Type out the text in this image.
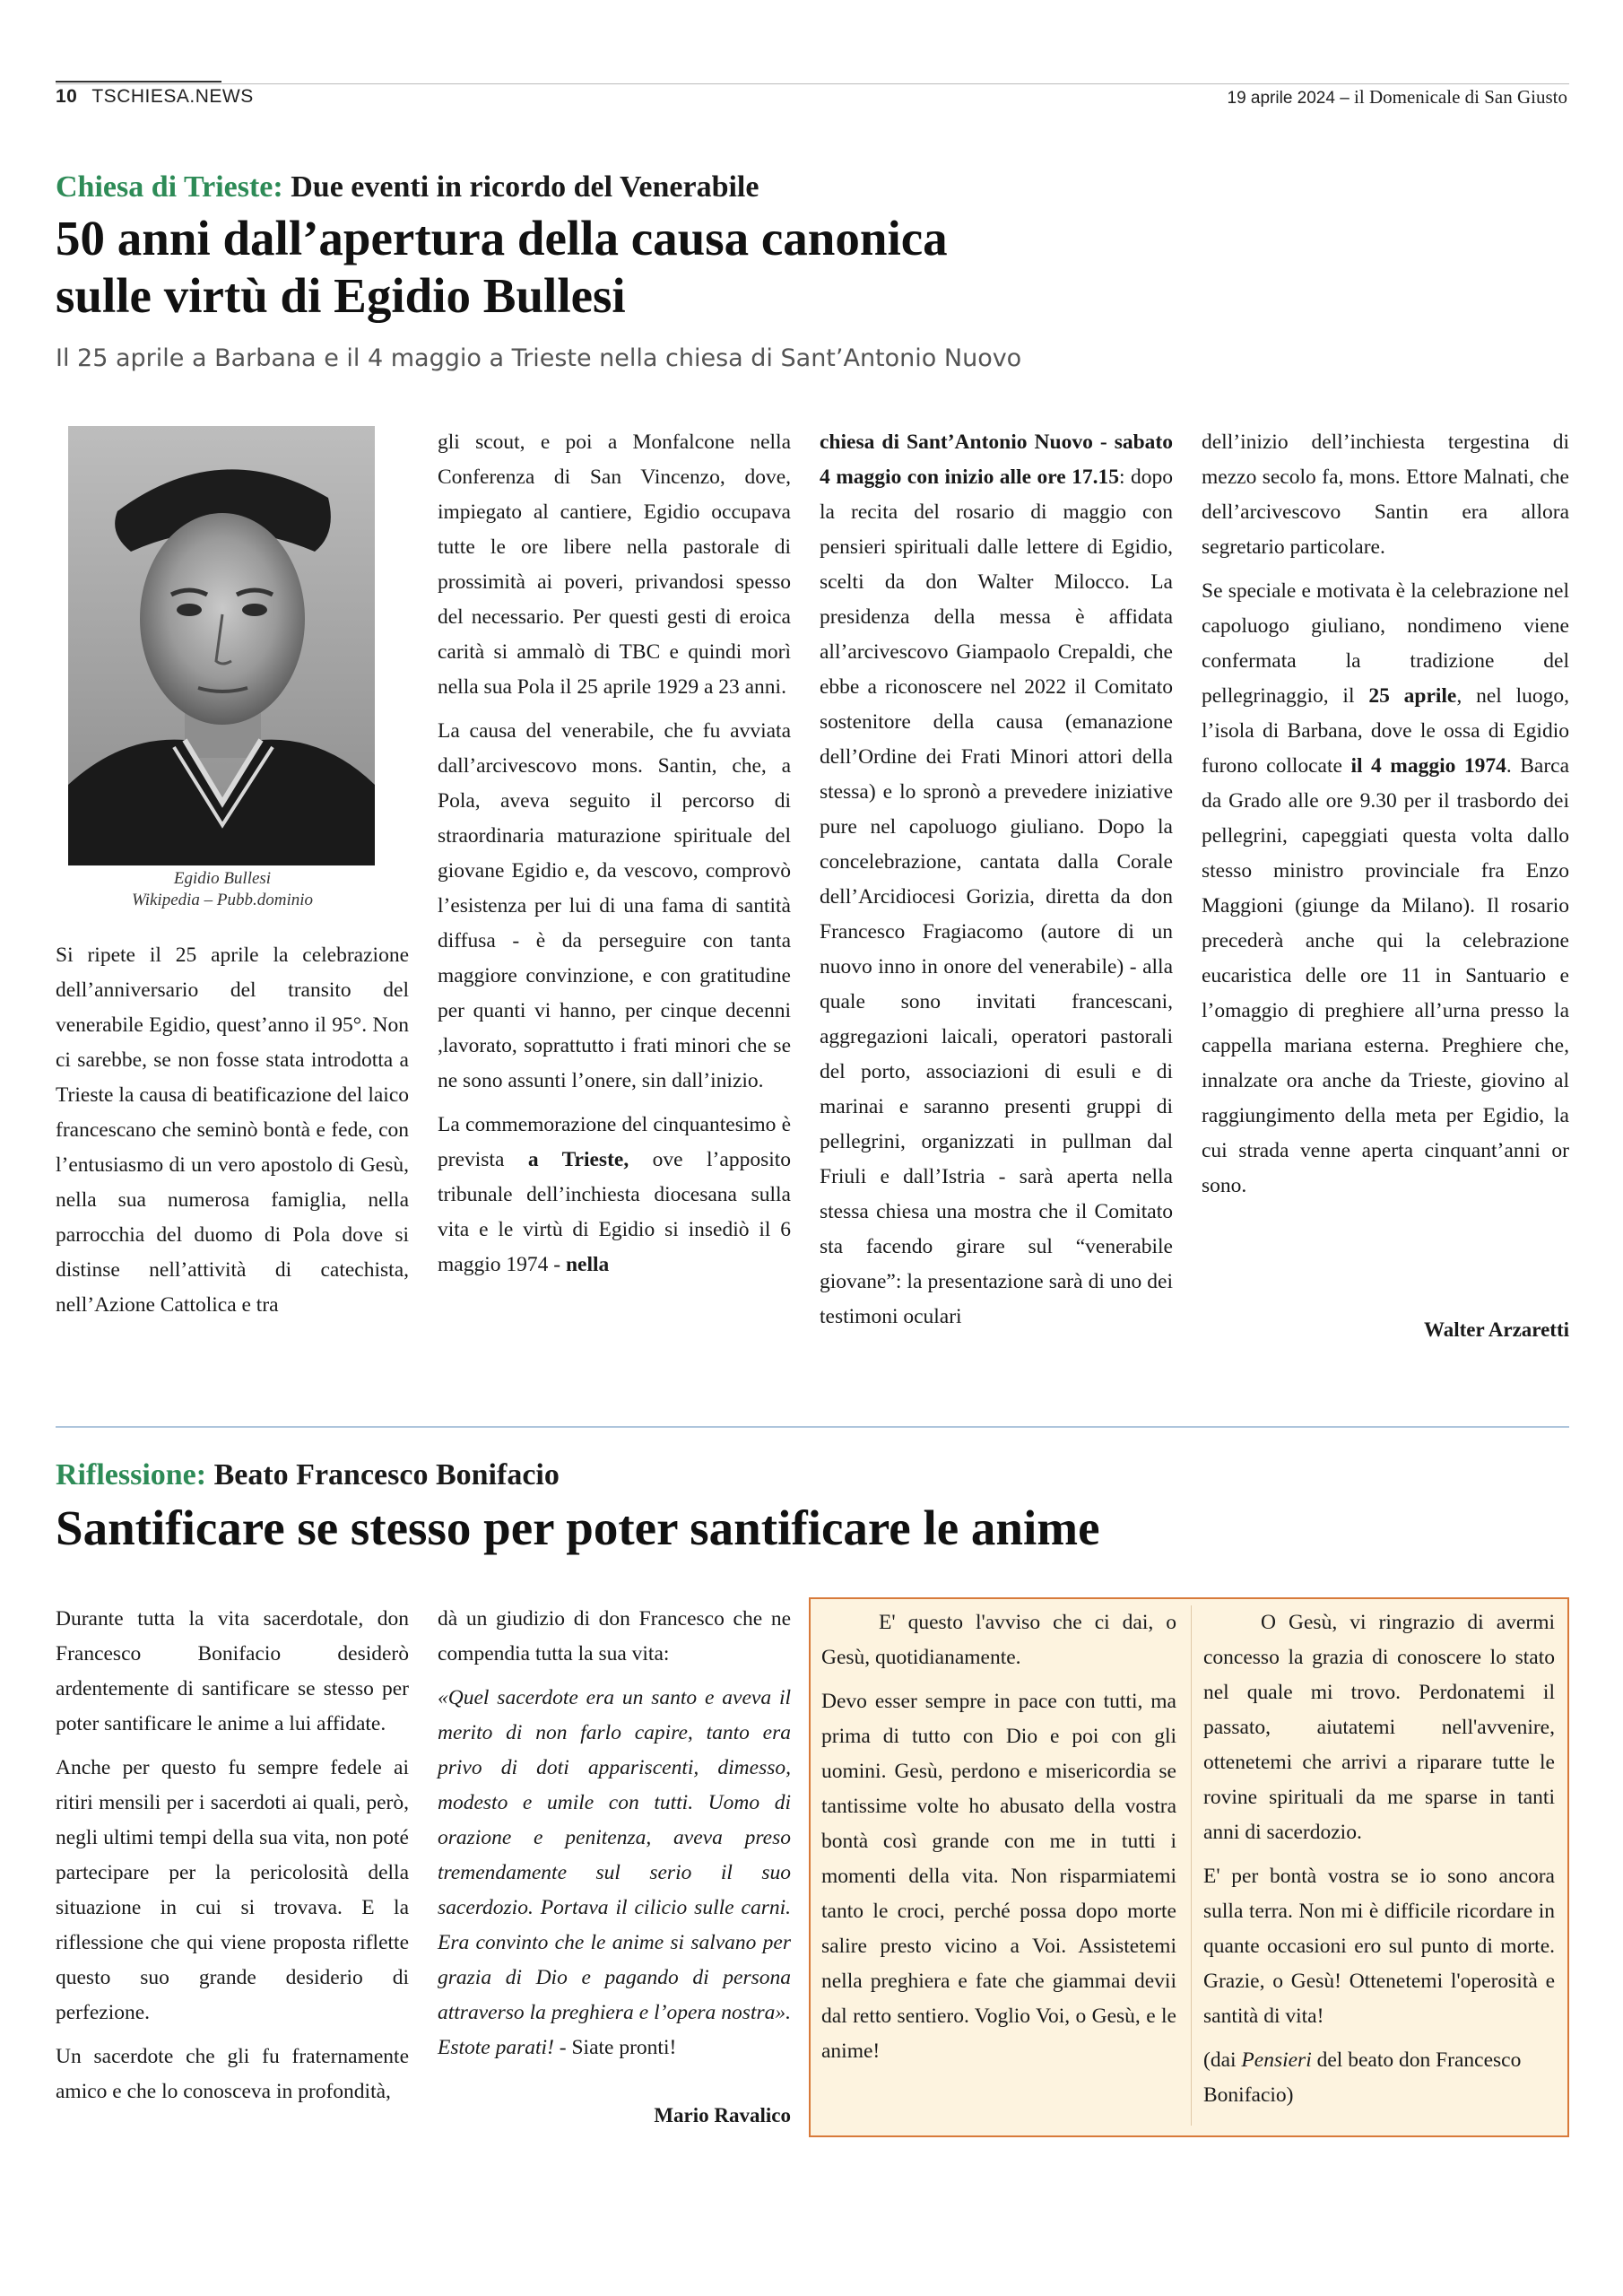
10 TSCHIESA.NEWS	19 aprile 2024 – il Domenicale di San Giusto
Chiesa di Trieste: Due eventi in ricordo del Venerabile
50 anni dall’apertura della causa canonica
sulle virtù di Egidio Bullesi
Il 25 aprile a Barbana e il 4 maggio a Trieste nella chiesa di Sant’Antonio Nuovo
Egidio Bullesi
Wikipedia – Pubb.dominio

Si ripete il 25 aprile la celebrazione dell’anniversario del transito del venerabile Egidio, quest’anno il 95°. Non ci sarebbe, se non fosse stata introdotta a Trieste la causa di beatificazione del laico francescano che seminò bontà e fede, con l’entusiasmo di un vero apostolo di Gesù, nella sua numerosa famiglia, nella parrocchia del duomo di Pola dove si distinse nell’attività di catechista, nell’Azione Cattolica e tra

gli scout, e poi a Monfalcone nella Conferenza di San Vincenzo, dove, impiegato al cantiere, Egidio occupava tutte le ore libere nella pastorale di prossimità ai poveri, privandosi spesso del necessario. Per questi gesti di eroica carità si ammalò di TBC e quindi morì nella sua Pola il 25 aprile 1929 a 23 anni.

La causa del venerabile, che fu avviata dall’arcivescovo mons. Santin, che, a Pola, aveva seguito il percorso di straordinaria maturazione spirituale del giovane Egidio e, da vescovo, comprovò l’esistenza per lui di una fama di santità diffusa - è da perseguire con tanta maggiore convinzione, e con gratitudine per quanti vi hanno, per cinque decenni ,lavorato, soprattutto i frati minori che se ne sono assunti l’onere, sin dall’inizio.

La commemorazione del cinquantesimo è prevista a Trieste, ove l’apposito tribunale dell’inchiesta diocesana sulla vita e le virtù di Egidio si insediò il 6 maggio 1974 - nella

chiesa di Sant’Antonio Nuovo - sabato 4 maggio con inizio alle ore 17.15: dopo la recita del rosario di maggio con pensieri spirituali dalle lettere di Egidio, scelti da don Walter Milocco. La presidenza della messa è affidata all’arcivescovo Giampaolo Crepaldi, che ebbe a riconoscere nel 2022 il Comitato sostenitore della causa (emanazione dell’Ordine dei Frati Minori attori della stessa) e lo spronò a prevedere iniziative pure nel capoluogo giuliano. Dopo la concelebrazione, cantata dalla Corale dell’Arcidiocesi Gorizia, diretta da don Francesco Fragiacomo (autore di un nuovo inno in onore del venerabile) - alla quale sono invitati francescani, aggregazioni laicali, operatori pastorali del porto, associazioni di esuli e di marinai e saranno presenti gruppi di pellegrini, organizzati in pullman dal Friuli e dall’Istria - sarà aperta nella stessa chiesa una mostra che il Comitato sta facendo girare sul “venerabile giovane”: la presentazione sarà di uno dei testimoni oculari

dell’inizio dell’inchiesta tergestina di mezzo secolo fa, mons. Ettore Malnati, che dell’arcivescovo Santin era allora segretario particolare.

Se speciale e motivata è la celebrazione nel capoluogo giuliano, nondimeno viene confermata la tradizione del pellegrinaggio, il 25 aprile, nel luogo, l’isola di Barbana, dove le ossa di Egidio furono collocate il 4 maggio 1974. Barca da Grado alle ore 9.30 per il trasbordo dei pellegrini, capeggiati questa volta dallo stesso ministro provinciale fra Enzo Maggioni (giunge da Milano). Il rosario precederà anche qui la celebrazione eucaristica delle ore 11 in Santuario e l’omaggio di preghiere all’urna presso la cappella mariana esterna. Preghiere che, innalzate ora anche da Trieste, giovino al raggiungimento della meta per Egidio, la cui strada venne aperta cinquant’anni or sono.

Walter Arzaretti
Riflessione: Beato Francesco Bonifacio
Santificare se stesso per poter santificare le anime

Durante tutta la vita sacerdotale, don Francesco Bonifacio desiderò ardentemente di santificare se stesso per poter santificare le anime a lui affidate.

Anche per questo fu sempre fedele ai ritiri mensili per i sacerdoti ai quali, però, negli ultimi tempi della sua vita, non poté partecipare per la pericolosità della situazione in cui si trovava. E la riflessione che qui viene proposta riflette questo suo grande desiderio di perfezione.

Un sacerdote che gli fu fraternamente amico e che lo conosceva in profondità,

dà un giudizio di don Francesco che ne compendia tutta la sua vita:

«Quel sacerdote era un santo e aveva il merito di non farlo capire, tanto era privo di doti appariscenti, dimesso, modesto e umile con tutti. Uomo di orazione e penitenza, aveva preso tremendamente sul serio il suo sacerdozio. Portava il cilicio sulle carni. Era convinto che le anime si salvano per grazia di Dio e pagando di persona attraverso la preghiera e l’opera nostra». Estote parati! - Siate pronti!

Mario Ravalico

E' questo l'avviso che ci dai, o Gesù, quotidianamente.

Devo esser sempre in pace con tutti, ma prima di tutto con Dio e poi con gli uomini. Gesù, perdono e misericordia se tantissime volte ho abusato della vostra bontà così grande con me in tutti i momenti della vita. Non risparmiatemi tanto le croci, perché possa dopo morte salire presto vicino a Voi. Assistetemi nella preghiera e fate che giammai devii dal retto sentiero. Voglio Voi, o Gesù, e le anime!

O Gesù, vi ringrazio di avermi concesso la grazia di conoscere lo stato nel quale mi trovo. Perdonatemi il passato, aiutatemi nell'avvenire, ottenetemi che arrivi a riparare tutte le rovine spirituali da me sparse in tanti anni di sacerdozio.

E' per bontà vostra se io sono ancora sulla terra. Non mi è difficile ricordare in quante occasioni ero sul punto di morte. Grazie, o Gesù! Ottenetemi l'operosità e santità di vita!

(dai Pensieri del beato don Francesco Bonifacio)
